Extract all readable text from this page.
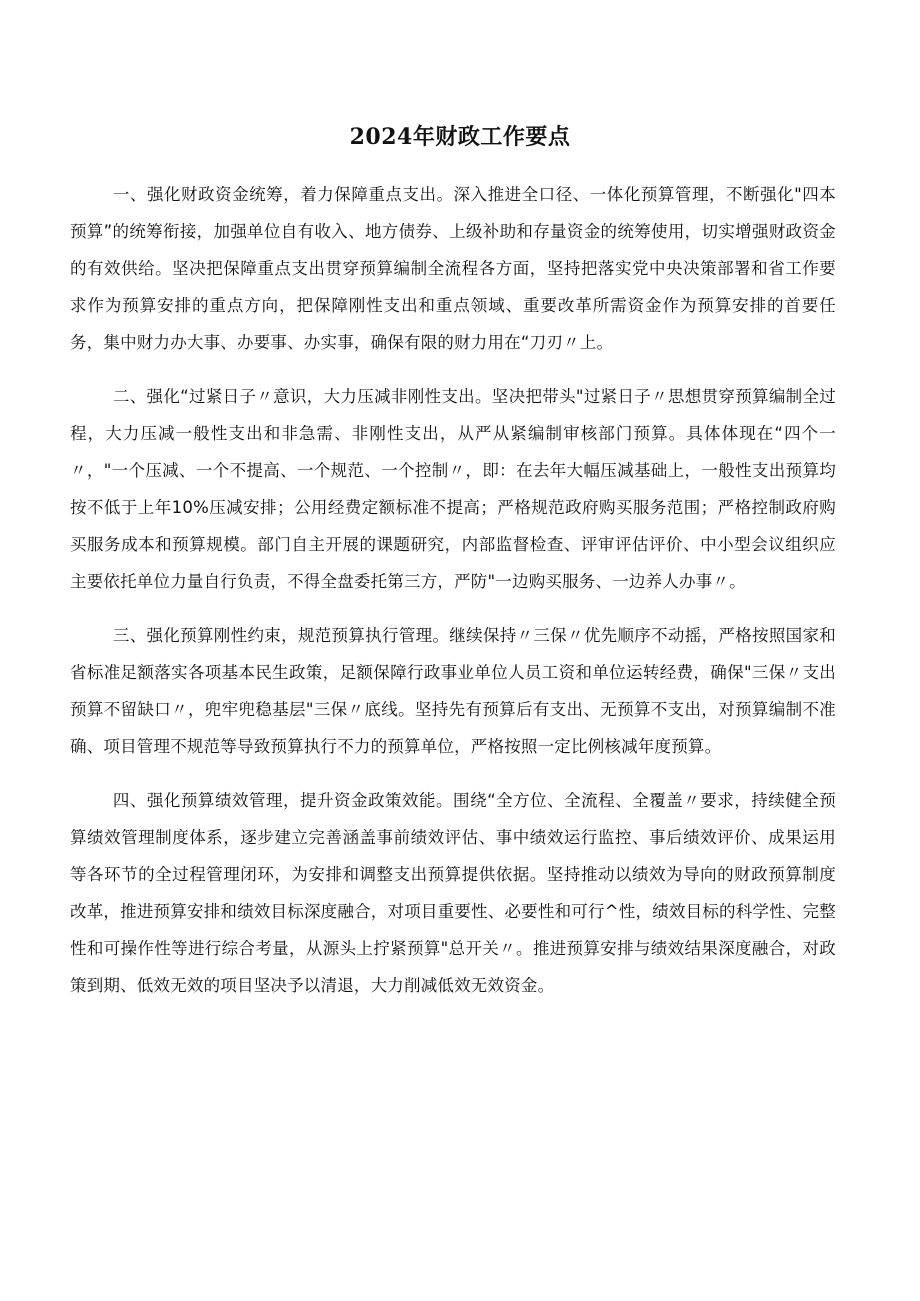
2024年财政工作要点

一、强化财政资金统筹，着力保障重点支出。深入推进全口径、一体化预算管理，不断强化"四本预算”的统筹衔接，加强单位自有收入、地方债券、上级补助和存量资金的统筹使用，切实增强财政资金的有效供给。坚决把保障重点支出贯穿预算编制全流程各方面，坚持把落实党中央决策部署和省工作要求作为预算安排的重点方向，把保障刚性支出和重点领域、重要改革所需资金作为预算安排的首要任务，集中财力办大事、办要事、办实事，确保有限的财力用在“刀刃〃上。

二、强化“过紧日子〃意识，大力压减非刚性支出。坚决把带头"过紧日子〃思想贯穿预算编制全过程，大力压减一般性支出和非急需、非刚性支出，从严从紧编制审核部门预算。具体体现在“四个一〃，"一个压减、一个不提高、一个规范、一个控制〃，即：在去年大幅压减基础上，一般性支出预算均按不低于上年10%压减安排；公用经费定额标准不提高；严格规范政府购买服务范围；严格控制政府购买服务成本和预算规模。部门自主开展的课题研究，内部监督检查、评审评估评价、中小型会议组织应主要依托单位力量自行负责，不得全盘委托第三方，严防"一边购买服务、一边养人办事〃。

三、强化预算刚性约束，规范预算执行管理。继续保持〃三保〃优先顺序不动摇，严格按照国家和省标准足额落实各项基本民生政策，足额保障行政事业单位人员工资和单位运转经费，确保"三保〃支出预算不留缺口〃，兜牢兜稳基层"三保〃底线。坚持先有预算后有支出、无预算不支出，对预算编制不准确、项目管理不规范等导致预算执行不力的预算单位，严格按照一定比例核减年度预算。

四、强化预算绩效管理，提升资金政策效能。围绕“全方位、全流程、全覆盖〃要求，持续健全预算绩效管理制度体系，逐步建立完善涵盖事前绩效评估、事中绩效运行监控、事后绩效评价、成果运用等各环节的全过程管理闭环，为安排和调整支出预算提供依据。坚持推动以绩效为导向的财政预算制度改革，推进预算安排和绩效目标深度融合，对项目重要性、必要性和可行^性，绩效目标的科学性、完整性和可操作性等进行综合考量，从源头上拧紧预算"总开关〃。推进预算安排与绩效结果深度融合，对政策到期、低效无效的项目坚决予以清退，大力削减低效无效资金。
